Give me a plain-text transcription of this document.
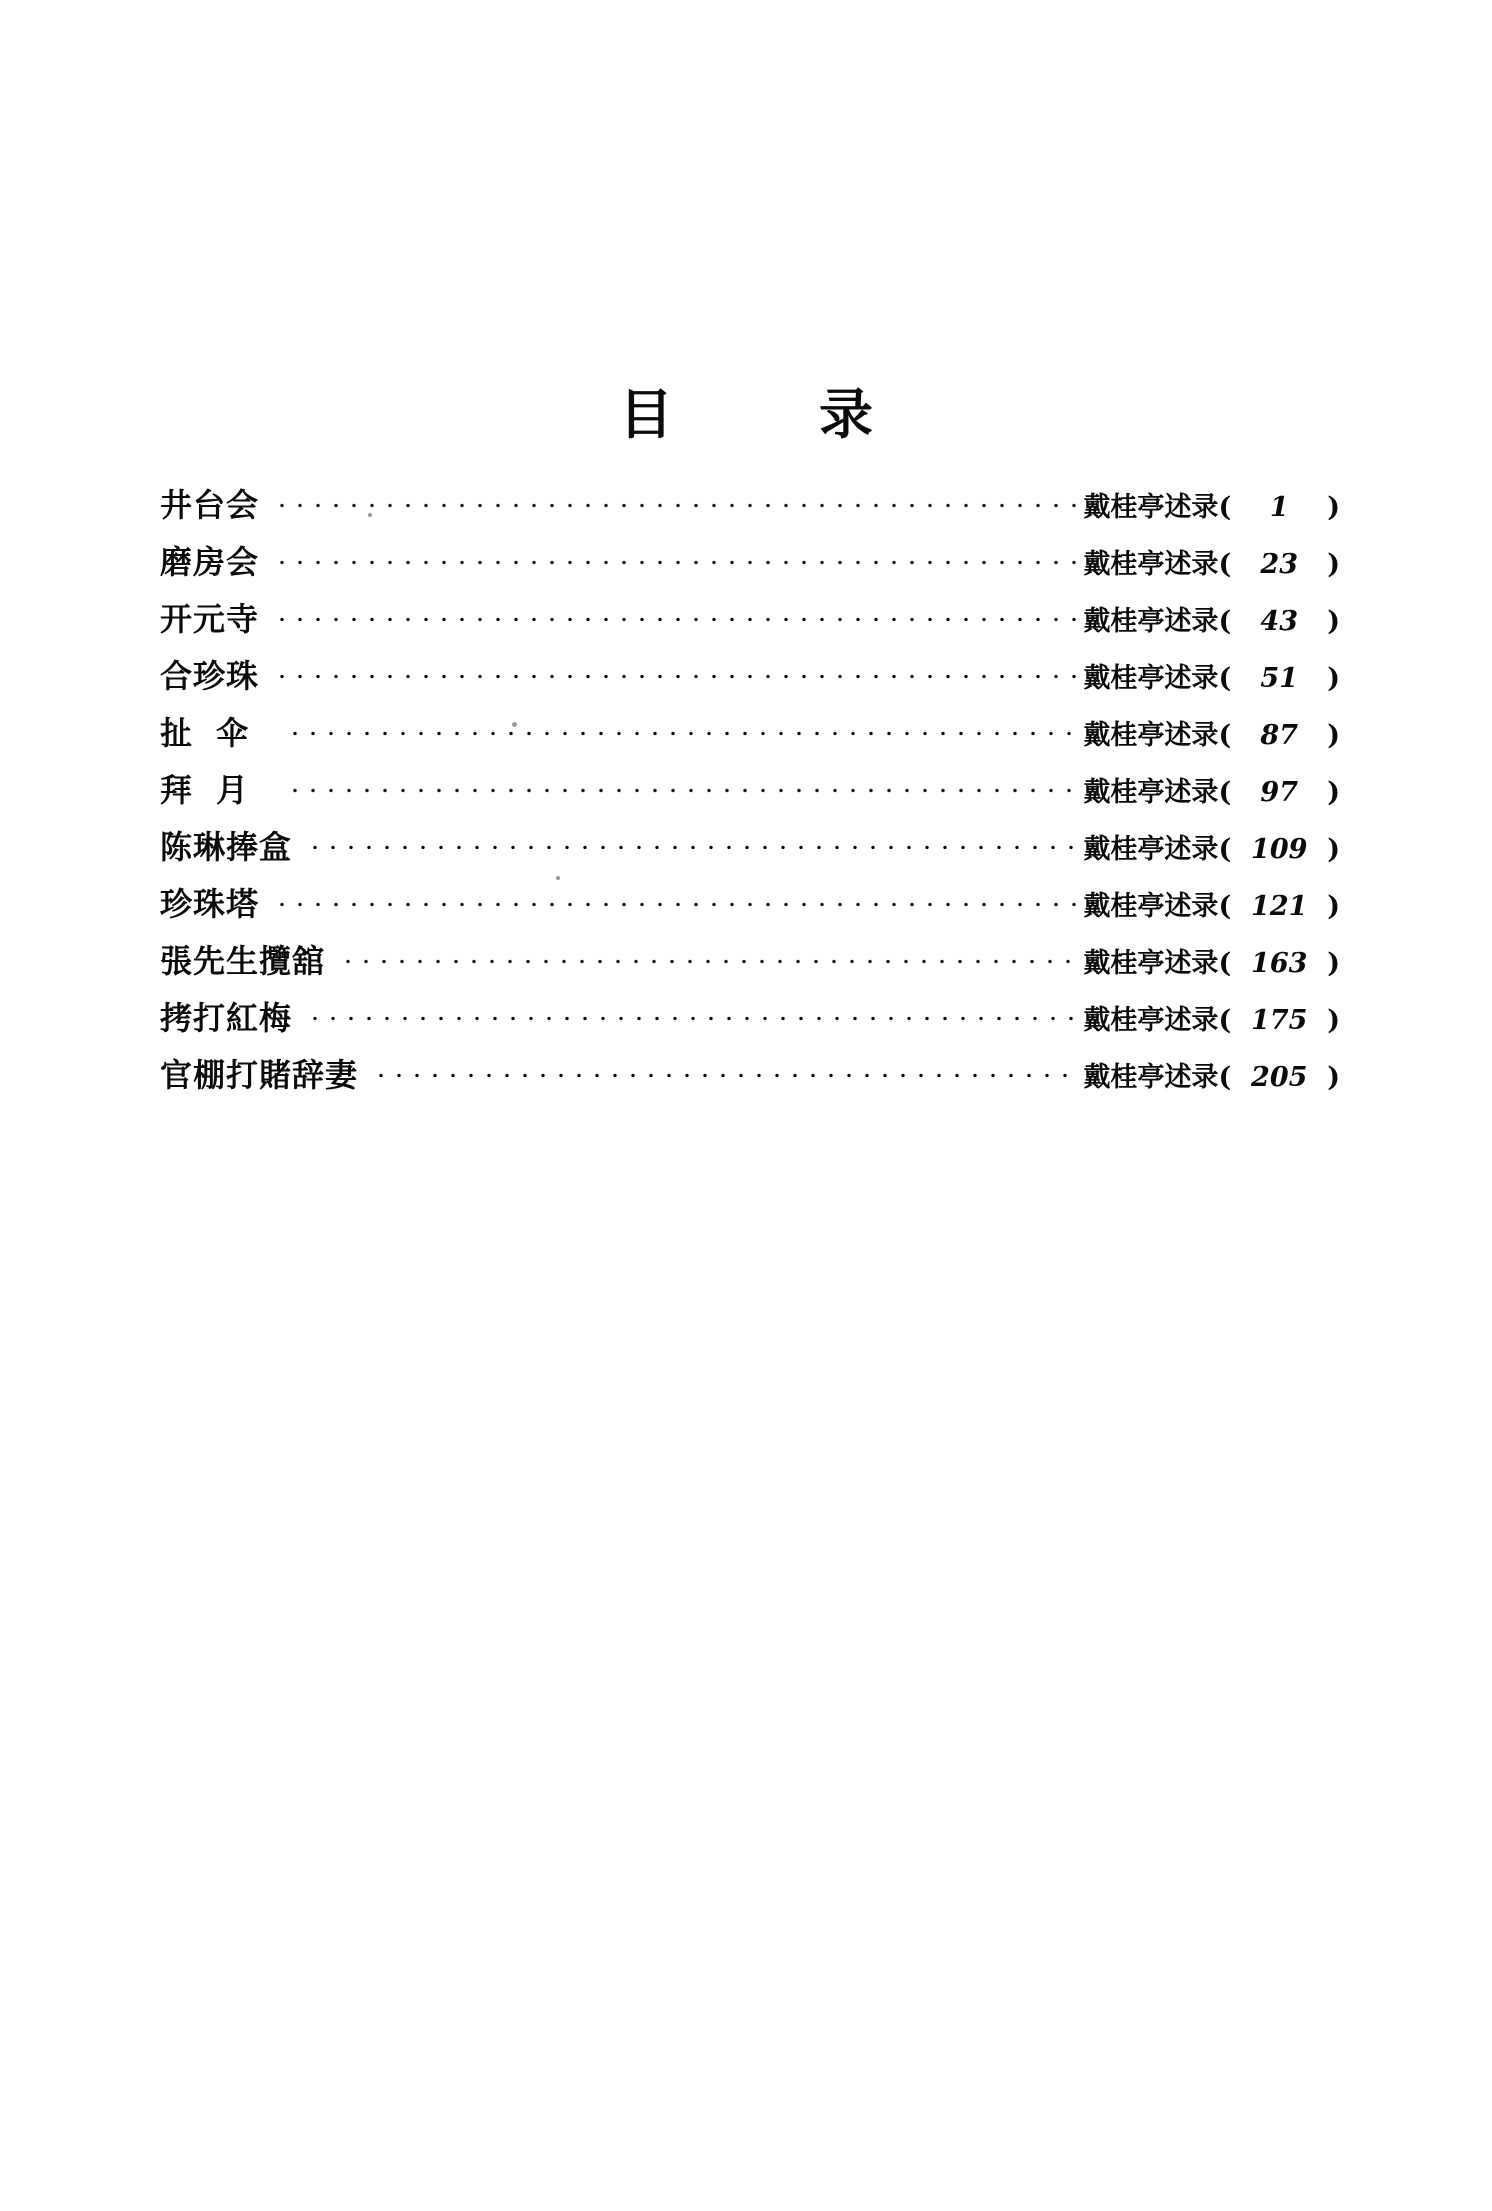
目　录
井台会	戴桂亭述录 (	1	)
磨房会	戴桂亭述录 (	23	)
开元寺	戴桂亭述录 (	43	)
合珍珠	戴桂亭述录 (	51	)
扯伞	戴桂亭述录 (	87	)
拜月	戴桂亭述录 (	97	)
陈琳捧盒	戴桂亭述录 ( 109 )
珍珠塔	戴桂亭述录 ( 121 )
張先生攬舘	戴桂亭述录 ( 163 )
拷打紅梅	戴桂亭述录 ( 175 )
官棚打賭辞妻	戴桂亭述录 ( 205 )
